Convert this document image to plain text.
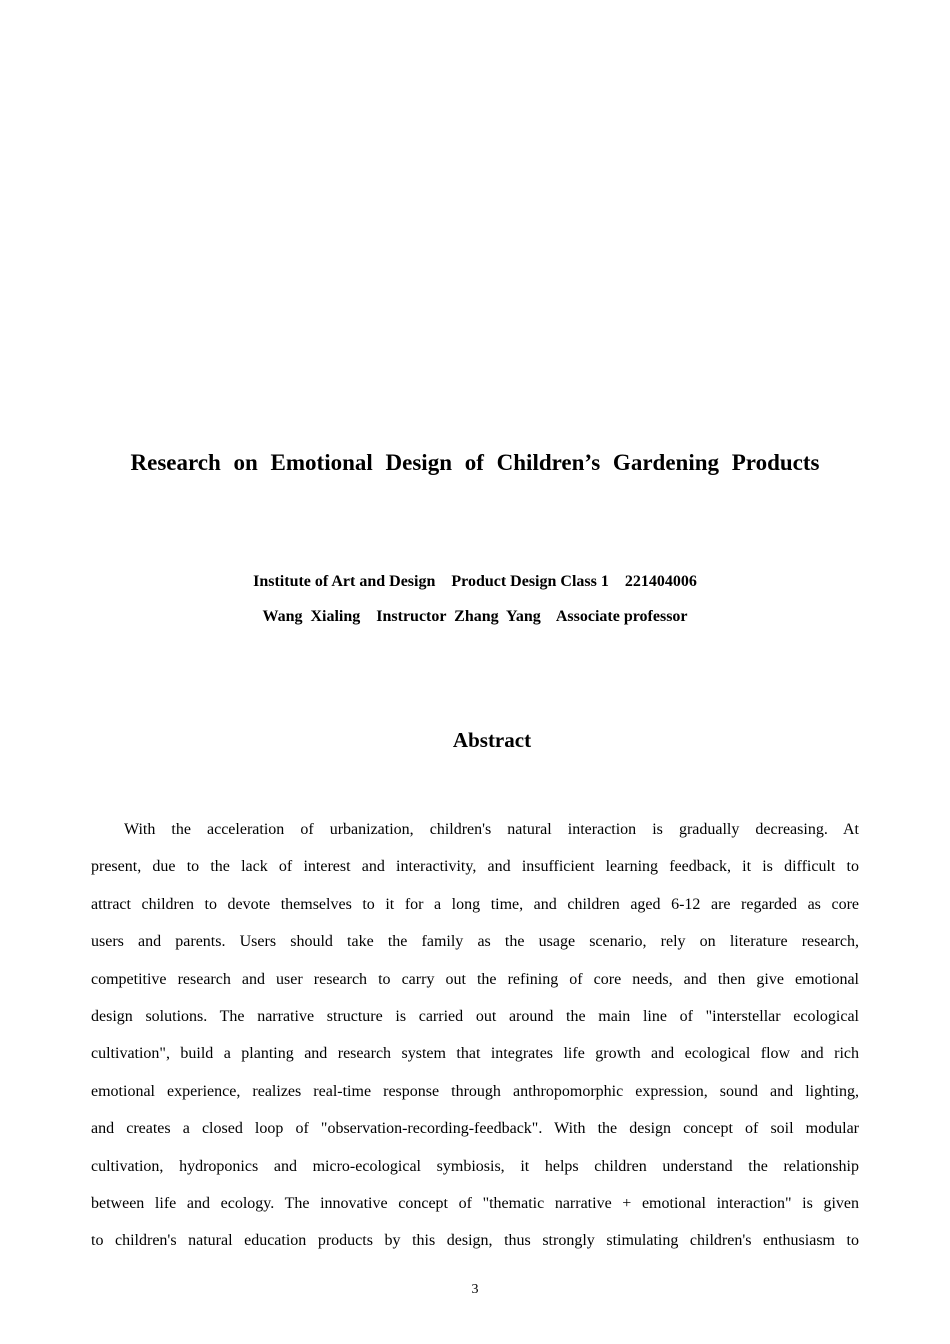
Research on Emotional Design of Children’s Gardening Products

Institute of Art and Design    Product Design Class 1    221404006

Wang  Xialing    Instructor  Zhang  Yang    Associate professor

Abstract
With the acceleration of urbanization, children's natural interaction is gradually decreasing. At
present, due to the lack of interest and interactivity, and insufficient learning feedback, it is difficult to
attract children to devote themselves to it for a long time, and children aged 6-12 are regarded as core
users and parents. Users should take the family as the usage scenario, rely on literature research,
competitive research and user research to carry out the refining of core needs, and then give emotional
design solutions. The narrative structure is carried out around the main line of "interstellar ecological
cultivation", build a planting and research system that integrates life growth and ecological flow and rich
emotional experience, realizes real-time response through anthropomorphic expression, sound and lighting,
and creates a closed loop of "observation-recording-feedback". With the design concept of soil modular
cultivation, hydroponics and micro-ecological symbiosis, it helps children understand the relationship
between life and ecology. The innovative concept of "thematic narrative + emotional interaction" is given
to children's natural education products by this design, thus strongly stimulating children's enthusiasm to

3
